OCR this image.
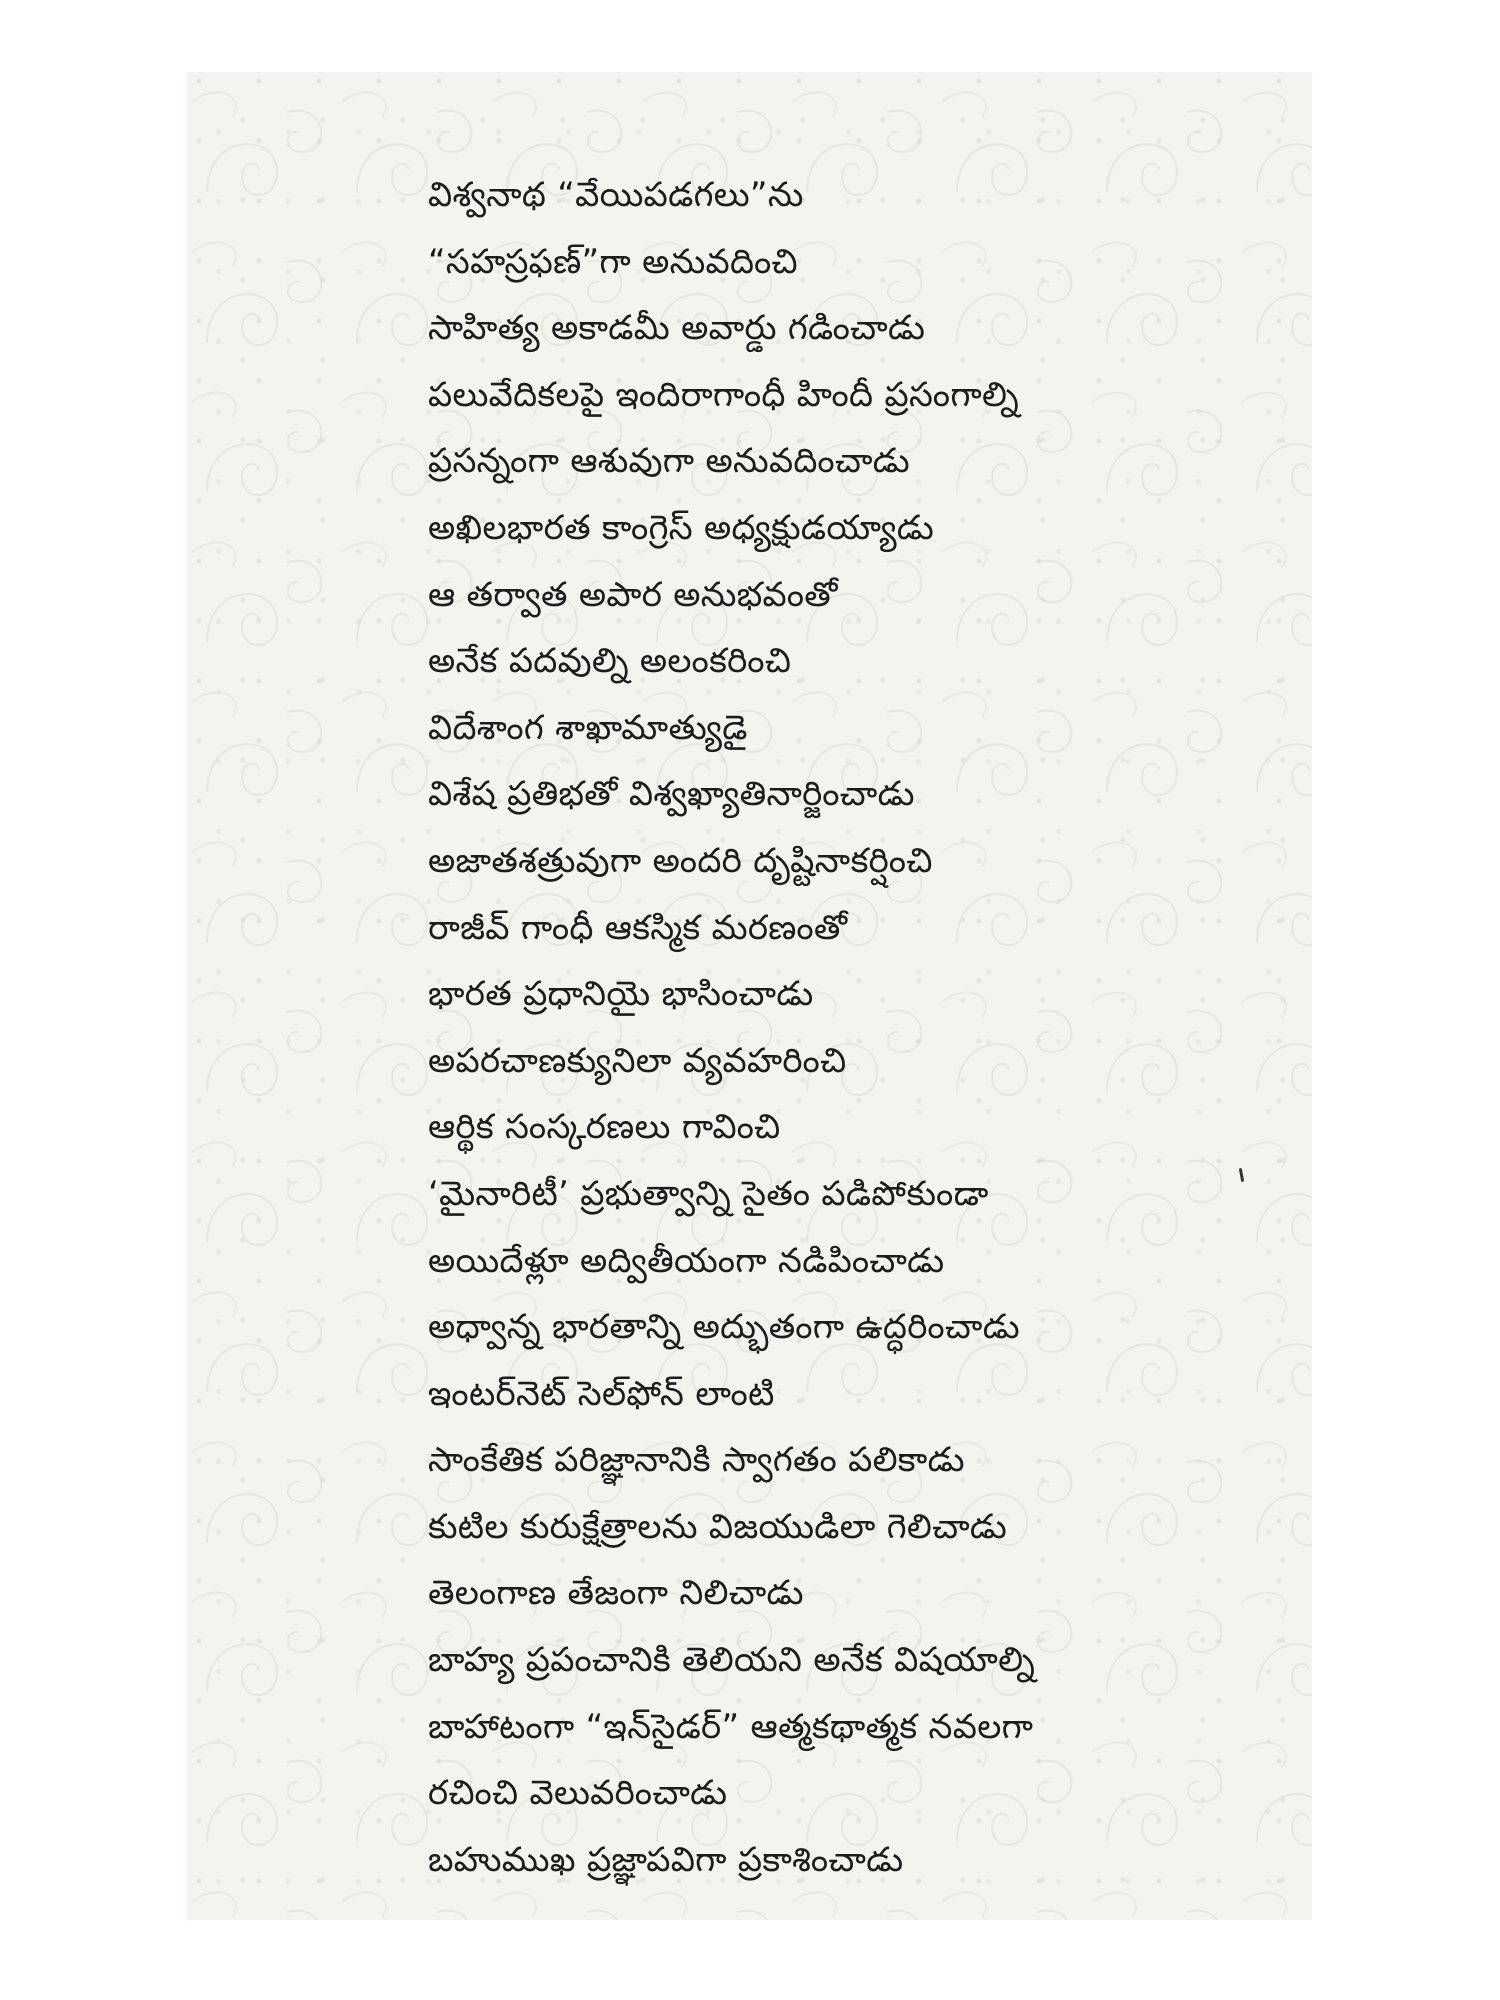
విశ్వనాథ “వేయిపడగలు”ను
“సహస్రఫణ్”గా అనువదించి
సాహిత్య అకాడమీ అవార్డు గడించాడు
పలువేదికలపై ఇందిరాగాంధీ హిందీ ప్రసంగాల్ని
ప్రసన్నంగా ఆశువుగా అనువదించాడు
అఖిలభారత కాంగ్రెస్ అధ్యక్షుడయ్యాడు
ఆ తర్వాత అపార అనుభవంతో
అనేక పదవుల్ని అలంకరించి
విదేశాంగ శాఖామాత్యుడై
విశేష ప్రతిభతో విశ్వఖ్యాతినార్జించాడు
అజాతశత్రువుగా అందరి దృష్టినాకర్షించి
రాజీవ్ గాంధీ ఆకస్మిక మరణంతో
భారత ప్రధానియై భాసించాడు
అపరచాణక్యునిలా వ్యవహరించి
ఆర్థిక సంస్కరణలు గావించి
‘మైనారిటీ’ ప్రభుత్వాన్ని సైతం పడిపోకుండా
అయిదేళ్లూ అద్వితీయంగా నడిపించాడు
అధ్వాన్న భారతాన్ని అద్భుతంగా ఉద్ధరించాడు
ఇంటర్‌నెట్ సెల్‌ఫోన్ లాంటి
సాంకేతిక పరిజ్ఞానానికి స్వాగతం పలికాడు
కుటిల కురుక్షేత్రాలను విజయుడిలా గెలిచాడు
తెలంగాణ తేజంగా నిలిచాడు
బాహ్య ప్రపంచానికి తెలియని అనేక విషయాల్ని
బాహాటంగా “ఇన్‌సైడర్” ఆత్మకథాత్మక నవలగా
రచించి వెలువరించాడు
బహుముఖ ప్రజ్ఞాపవిగా ప్రకాశించాడు
